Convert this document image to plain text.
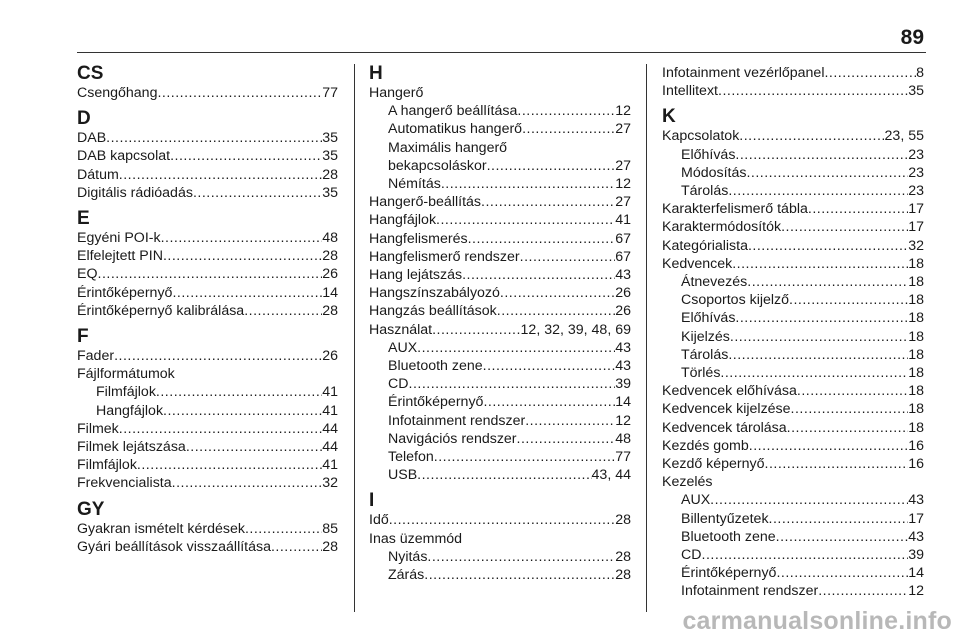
89
CS
Csengőhang .....	77
D
DAB .....	35
DAB kapcsolat .....	35
Dátum .....	28
Digitális rádióadás .....	35
E
Egyéni POI-k .....	48
Elfelejtett PIN .....	28
EQ .....	26
Érintőképernyő .....	14
Érintőképernyő kalibrálása .....	28
F
Fader .....	26
Fájlformátumok
Filmfájlok .....	41
Hangfájlok .....	41
Filmek .....	44
Filmek lejátszása .....	44
Filmfájlok .....	41
Frekvencialista .....	32
GY
Gyakran ismételt kérdések .....	85
Gyári beállítások visszaállítása .....	28
H
Hangerő
A hangerő beállítása .....	12
Automatikus hangerő .....	27
Maximális hangerő
bekapcsoláskor .....	27
Némítás .....	12
Hangerő-beállítás .....	27
Hangfájlok .....	41
Hangfelismerés .....	67
Hangfelismerő rendszer .....	67
Hang lejátszás .....	43
Hangszínszabályozó .....	26
Hangzás beállítások .....	26
Használat .....	12, 32, 39, 48, 69
AUX .....	43
Bluetooth zene .....	43
CD .....	39
Érintőképernyő .....	14
Infotainment rendszer .....	12
Navigációs rendszer .....	48
Telefon .....	77
USB .....	43, 44
I
Idő .....	28
Inas üzemmód
Nyitás .....	28
Zárás .....	28
Infotainment vezérlőpanel .....	8
Intellitext .....	35
K
Kapcsolatok .....	23, 55
Előhívás .....	23
Módosítás .....	23
Tárolás .....	23
Karakterfelismerő tábla .....	17
Karaktermódosítók .....	17
Kategórialista .....	32
Kedvencek .....	18
Átnevezés .....	18
Csoportos kijelző .....	18
Előhívás .....	18
Kijelzés .....	18
Tárolás .....	18
Törlés .....	18
Kedvencek előhívása .....	18
Kedvencek kijelzése .....	18
Kedvencek tárolása .....	18
Kezdés gomb .....	16
Kezdő képernyő .....	16
Kezelés
AUX .....	43
Billentyűzetek .....	17
Bluetooth zene .....	43
CD .....	39
Érintőképernyő .....	14
Infotainment rendszer .....	12
carmanualsonline.info
